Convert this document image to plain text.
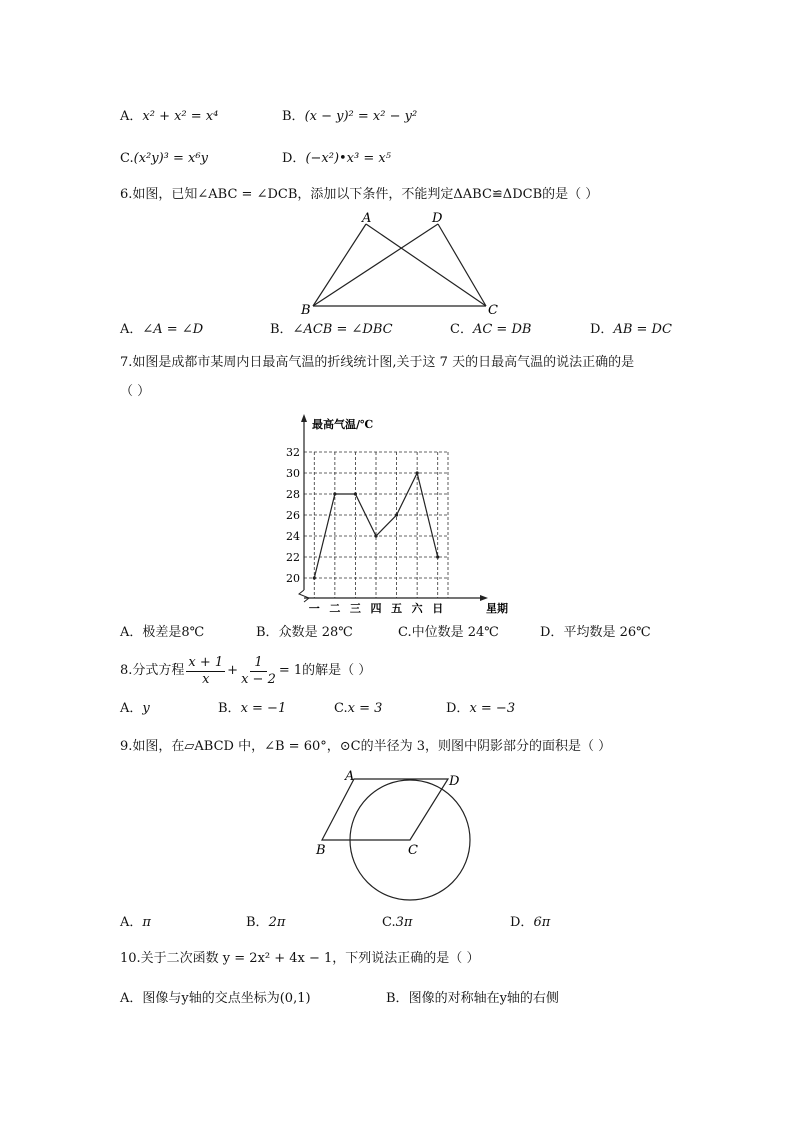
A．x² + x² = x⁴	B．(x − y)² = x² − y²
C.(x²y)³ = x⁶y	D．(−x²)•x³ = x⁵
6.如图，已知∠ABC = ∠DCB，添加以下条件，不能判定ΔABC≌ΔDCB的是（ ）
A	D
B	C
A．∠A = ∠D	B．∠ACB = ∠DBC	C．AC = DB	D．AB = DC
7.如图是成都市某周内日最高气温的折线统计图,关于这 7 天的日最高气温的说法正确的是
（ ）
最高气温/℃
星期
20
22
24
26
28
30
32
一 二 三 四 五 六 日
A．极差是8℃	B．众数是 28℃	C.中位数是 24℃	D．平均数是 26℃
8.分式方程
x + 1
x
+ $\frac{1}{x - 2} = 1$的解是（ ）
A．y	B．x = −1	C.x = 3	D．x = −3
9.如图，在▱ABCD 中，∠B = 60°，⊙C的半径为 3，则图中阴影部分的面积是（ ）
A	D
B	C
A．π	B．2π	C.3π	D．6π
10.关于二次函数 y = 2x² + 4x − 1，下列说法正确的是（ ）
A．图像与y轴的交点坐标为(0,1)	B．图像的对称轴在y轴的右侧
